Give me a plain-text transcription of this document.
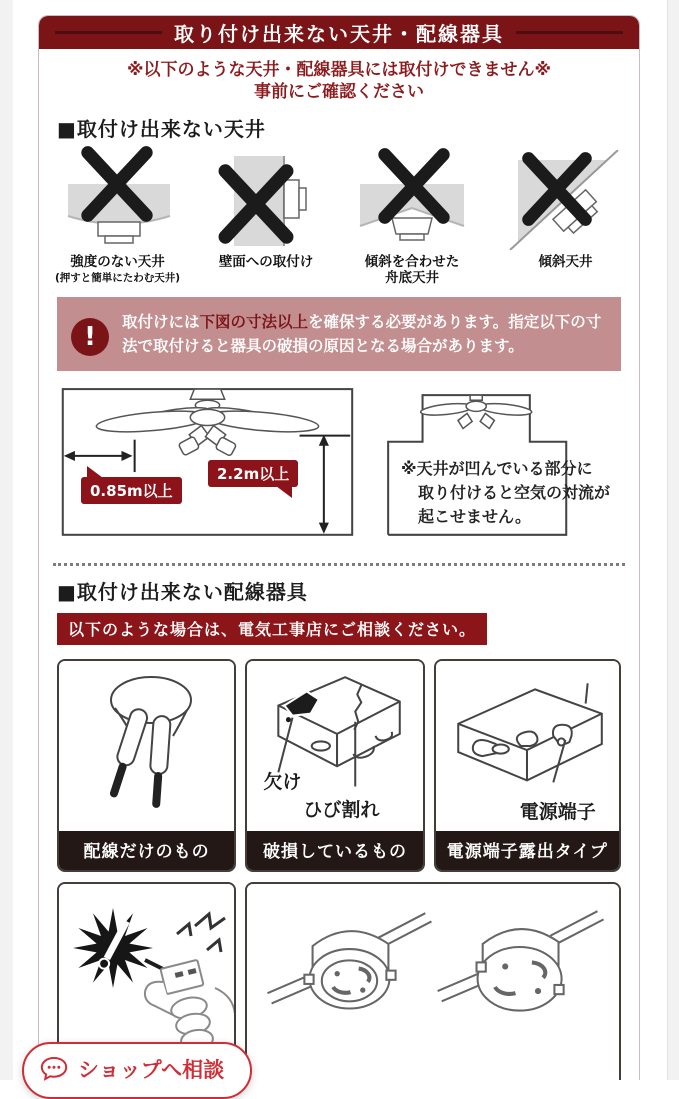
取り付け出来ない天井・配線器具
※以下のような天井・配線器具には取付けできません※
事前にご確認ください
■取付け出来ない天井
強度のない天井
(押すと簡単にたわむ天井)
壁面への取付け	傾斜を合わせた
舟底天井
傾斜天井
!	取付けには下図の寸法以上を確保する必要があります。指定以下の寸法で取付けると器具の破損の原因となる場合があります。

0.85m以上
2.2m以上	※天井が凹んでいる部分に
取り付けると空気の対流が
起こせません。
■取付け出来ない配線器具
以下のような場合は、電気工事店にご相談ください。
配線だけのもの
欠け
ひび割れ
破損しているもの
電源端子
電源端子露出タイプ
ショップへ相談
